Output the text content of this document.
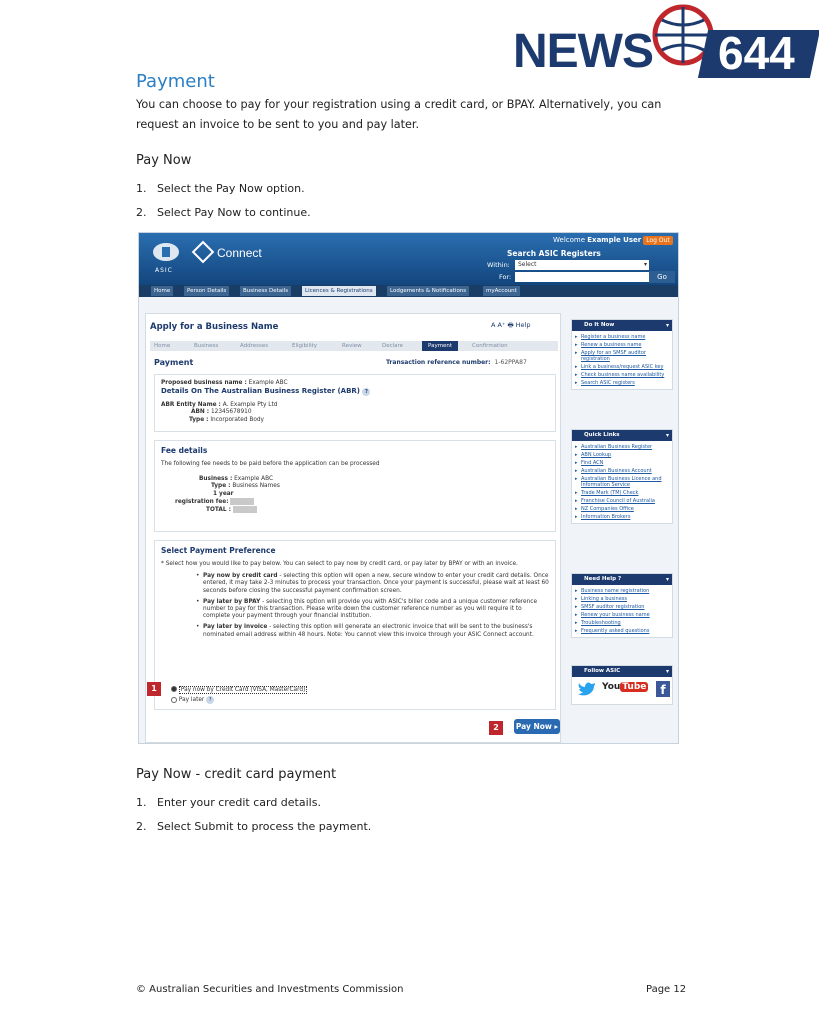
NEWS 644
Payment
You can choose to pay for your registration using a credit card, or BPAY. Alternatively, you can request an invoice to be sent to you and pay later.
Pay Now
1. Select the Pay Now option.
2. Select Pay Now to continue.
ASIC
Connect
Welcome Example User Log Out
Search ASIC Registers
Within:	Select	▾
For:	Go
Home	Person Details	Business Details	Licences & Registrations	Lodgements & Notifications	myAccount
Apply for a Business Name	A A⁺ 🖶 Help
Home	Business	Addresses	Eligibility	Review	Declare	Payment	Confirmation
Payment	Transaction reference number: 1-62PPA87
Proposed business name : Example ABC
Details On The Australian Business Register (ABR) ?
ABR Entity Name : A. Example Pty Ltd
ABN : 12345678910
Type : Incorporated Body
Fee details
The following fee needs to be paid before the application can be processed
Business : Example ABC
Type : Business Names
1 year
registration fee:
TOTAL :
Select Payment Preference
* Select how you would like to pay below. You can select to pay now by credit card, or pay later by BPAY or with an invoice.
• Pay now by credit card - selecting this option will open a new, secure window to enter your credit card details. Once entered, it may take 2-3 minutes to process your transaction. Once your payment is successful, please wait at least 60 seconds before closing the successful payment confirmation screen.
• Pay later by BPAY - selecting this option will provide you with ASIC's biller code and a unique customer reference number to pay for this transaction. Please write down the customer reference number as you will require it to complete your payment through your financial institution.
• Pay later by invoice - selecting this option will generate an electronic invoice that will be sent to the business's nominated email address within 48 hours. Note: You cannot view this invoice through your ASIC Connect account.
Pay now by Credit Card (VISA, MasterCard)
Pay later ?
Pay Now ▸
1
2
Do It Now ▾
▸ Register a business name
▸ Renew a business name
▸ Apply for an SMSF auditor registration
▸ Link a business/request ASIC key
▸ Check business name availability
▸ Search ASIC registers
Quick Links ▾
▸ Australian Business Register
▸ ABN Lookup
▸ Find ACN
▸ Australian Business Account
▸ Australian Business Licence and Information Service
▸ Trade Mark (TM) Check
▸ Franchise Council of Australia
▸ NZ Companies Office
▸ Information Brokers
Need Help ? ▾
▸ Business name registration
▸ Linking a business
▸ SMSF auditor registration
▸ Renew your business name
▸ Troubleshooting
▸ Frequently asked questions
Follow ASIC ▾
You Tube	f
Pay Now - credit card payment
1. Enter your credit card details.
2. Select Submit to process the payment.
© Australian Securities and Investments Commission	Page 12
